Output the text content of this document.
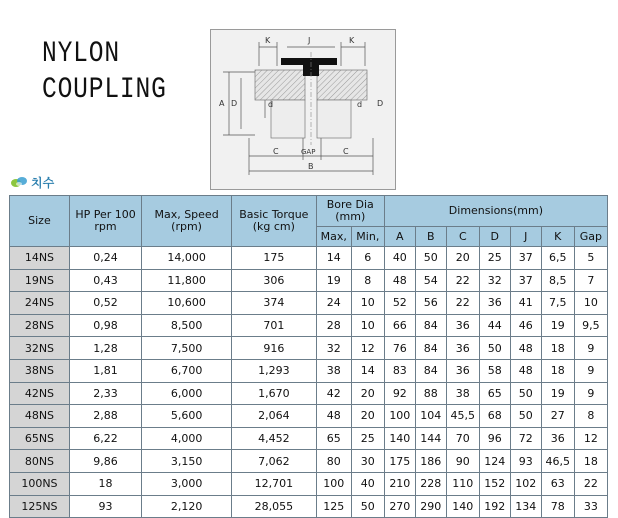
NYLON
COUPLING
K	J	K
A D	d	D
d
C	GAP	C
B
치수
Size	HP Per 100 rpm	Max, Speed (rpm)	Basic Torque (kg cm)	Bore Dia (mm)		Dimensions(mm)						
				Max,	Min,	A	B	C	D	J	K	Gap
14NS	0,24	14,000	175	14	6	40	50	20	25	37	6,5	5
19NS	0,43	11,800	306	19	8	48	54	22	32	37	8,5	7
24NS	0,52	10,600	374	24	10	52	56	22	36	41	7,5	10
28NS	0,98	8,500	701	28	10	66	84	36	44	46	19	9,5
32NS	1,28	7,500	916	32	12	76	84	36	50	48	18	9
38NS	1,81	6,700	1,293	38	14	83	84	36	58	48	18	9
42NS	2,33	6,000	1,670	42	20	92	88	38	65	50	19	9
48NS	2,88	5,600	2,064	48	20	100	104	45,5	68	50	27	8
65NS	6,22	4,000	4,452	65	25	140	144	70	96	72	36	12
80NS	9,86	3,150	7,062	80	30	175	186	90	124	93	46,5	18
100NS	18	3,000	12,701	100	40	210	228	110	152	102	63	22
125NS	93	2,120	28,055	125	50	270	290	140	192	134	78	33
